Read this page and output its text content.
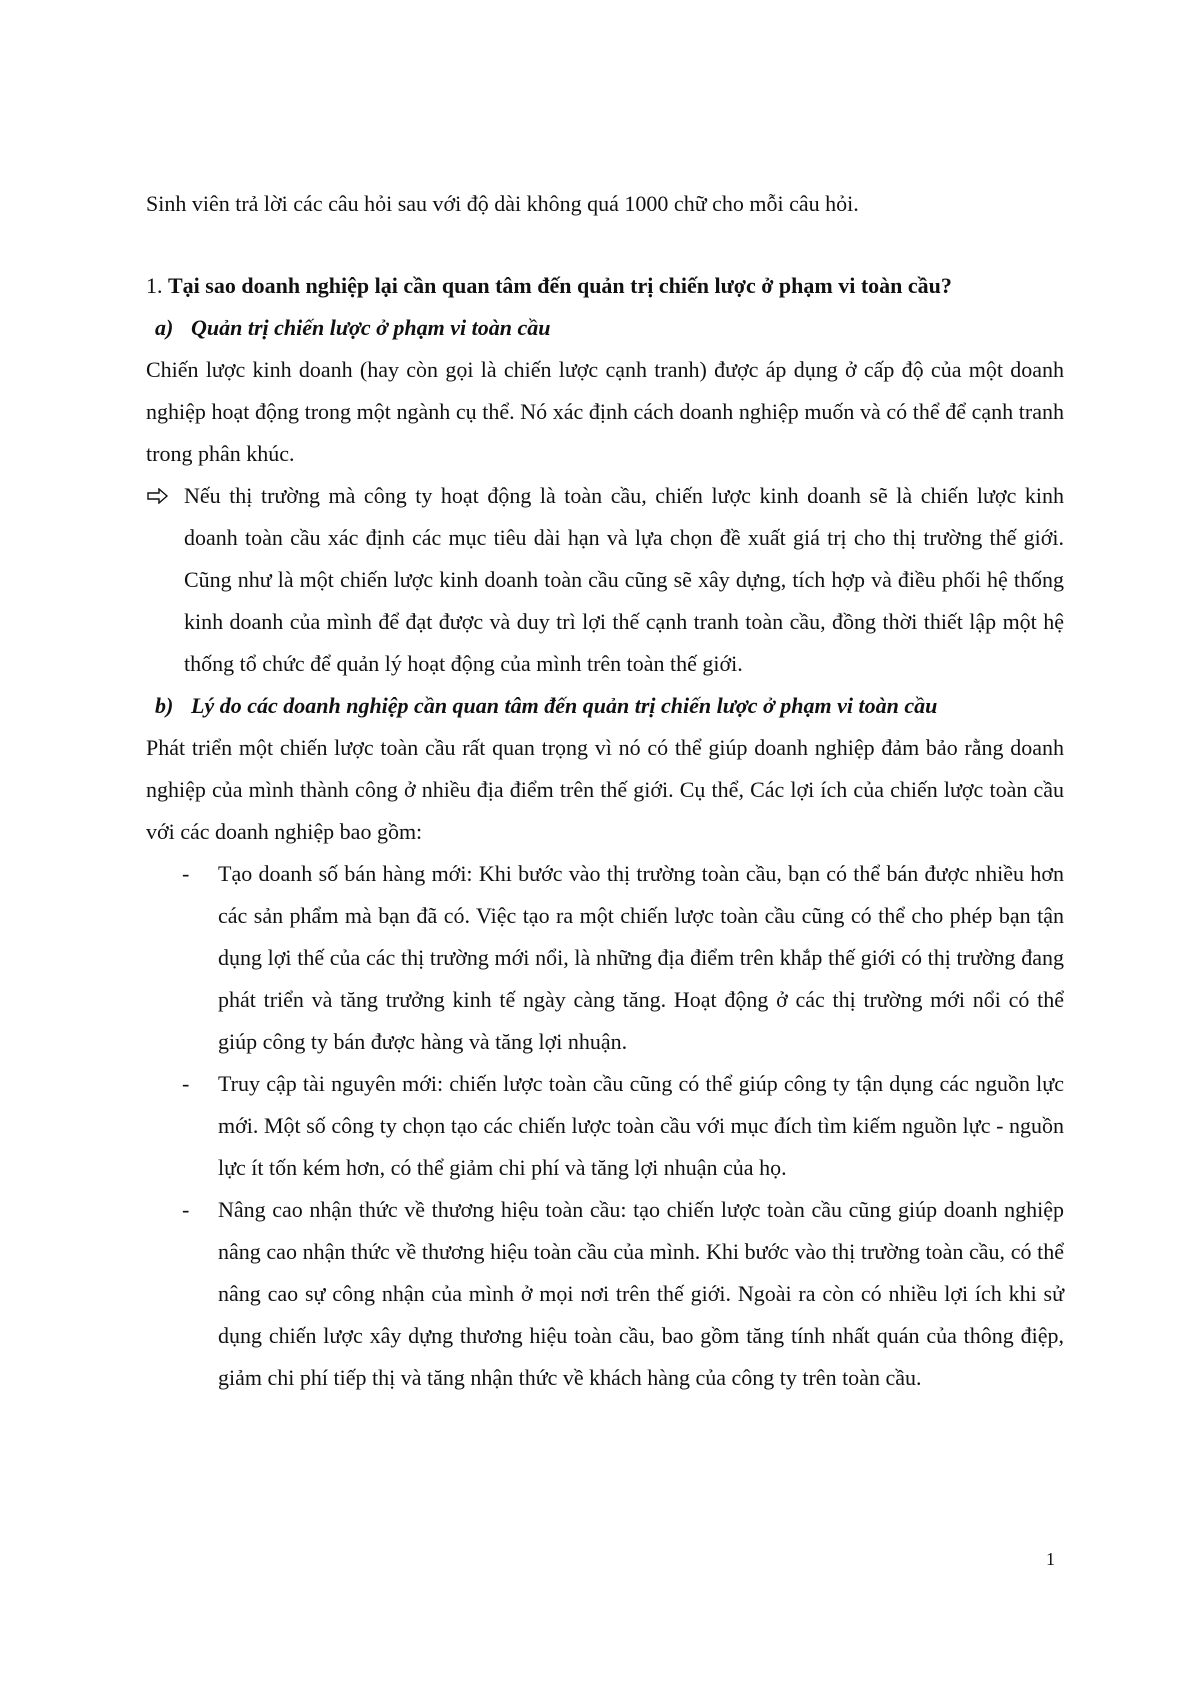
Sinh viên trả lời các câu hỏi sau với độ dài không quá 1000 chữ cho mỗi câu hỏi.

1. Tại sao doanh nghiệp lại cần quan tâm đến quản trị chiến lược ở phạm vi toàn cầu?

a) Quản trị chiến lược ở phạm vi toàn cầu

Chiến lược kinh doanh (hay còn gọi là chiến lược cạnh tranh) được áp dụng ở cấp độ của một doanh nghiệp hoạt động trong một ngành cụ thể. Nó xác định cách doanh nghiệp muốn và có thể để cạnh tranh trong phân khúc.

Nếu thị trường mà công ty hoạt động là toàn cầu, chiến lược kinh doanh sẽ là chiến lược kinh doanh toàn cầu xác định các mục tiêu dài hạn và lựa chọn đề xuất giá trị cho thị trường thế giới. Cũng như là một chiến lược kinh doanh toàn cầu cũng sẽ xây dựng, tích hợp và điều phối hệ thống kinh doanh của mình để đạt được và duy trì lợi thế cạnh tranh toàn cầu, đồng thời thiết lập một hệ thống tổ chức để quản lý hoạt động của mình trên toàn thế giới.

b) Lý do các doanh nghiệp cần quan tâm đến quản trị chiến lược ở phạm vi toàn cầu

Phát triển một chiến lược toàn cầu rất quan trọng vì nó có thể giúp doanh nghiệp đảm bảo rằng doanh nghiệp của mình thành công ở nhiều địa điểm trên thế giới. Cụ thể, Các lợi ích của chiến lược toàn cầu với các doanh nghiệp bao gồm:

- Tạo doanh số bán hàng mới: Khi bước vào thị trường toàn cầu, bạn có thể bán được nhiều hơn các sản phẩm mà bạn đã có. Việc tạo ra một chiến lược toàn cầu cũng có thể cho phép bạn tận dụng lợi thế của các thị trường mới nổi, là những địa điểm trên khắp thế giới có thị trường đang phát triển và tăng trưởng kinh tế ngày càng tăng. Hoạt động ở các thị trường mới nổi có thể giúp công ty bán được hàng và tăng lợi nhuận.
- Truy cập tài nguyên mới: chiến lược toàn cầu cũng có thể giúp công ty tận dụng các nguồn lực mới. Một số công ty chọn tạo các chiến lược toàn cầu với mục đích tìm kiếm nguồn lực - nguồn lực ít tốn kém hơn, có thể giảm chi phí và tăng lợi nhuận của họ.
- Nâng cao nhận thức về thương hiệu toàn cầu: tạo chiến lược toàn cầu cũng giúp doanh nghiệp nâng cao nhận thức về thương hiệu toàn cầu của mình. Khi bước vào thị trường toàn cầu, có thể nâng cao sự công nhận của mình ở mọi nơi trên thế giới. Ngoài ra còn có nhiều lợi ích khi sử dụng chiến lược xây dựng thương hiệu toàn cầu, bao gồm tăng tính nhất quán của thông điệp, giảm chi phí tiếp thị và tăng nhận thức về khách hàng của công ty trên toàn cầu.
1
